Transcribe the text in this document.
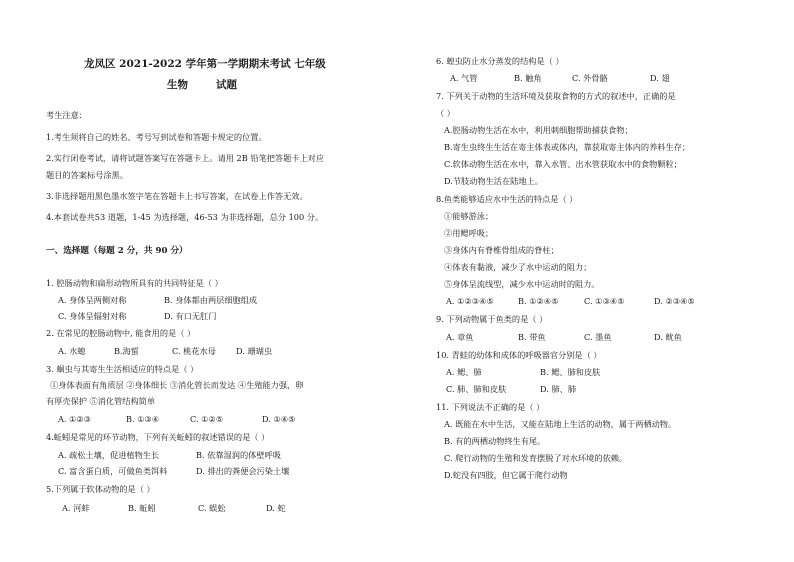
龙凤区 2021-2022 学年第一学期期末考试 七年级
生物	试题
考生注意：
1.考生须将自己的姓名、考号写到试卷和答题卡规定的位置。
2.实行闭卷考试，请将试题答案写在答题卡上。请用 2B 铅笔把答题卡上对应
题目的答案标号涂黑。
3.非选择题用黑色墨水签字笔在答题卡上书写答案，在试卷上作答无效。
4.本套试卷共53 道题，1-45 为选择题，46-53 为非选择题，总分 100 分。
一、选择题（每题 2 分，共 90 分）
1. 腔肠动物和扁形动物所具有的共同特征是（ ）
A. 身体呈两侧对称	B. 身体都由两层细胞组成
C. 身体呈辐射对称	D. 有口无肛门
2. 在常见的腔肠动物中, 能食用的是（ ）
A. 水螅	B.海蜇	C. 桃花水母 D. 珊瑚虫
3. 蛔虫与其寄生生活相适应的特点是（ ）
①身体表面有角质层 ②身体细长 ③消化管长而发达 ④生殖能力强，卵
有厚壳保护 ⑤消化管结构简单
A. ①②③	B. ①③④	C. ①②⑤	D. ①④⑤
4.蚯蚓是常见的环节动物，下列有关蚯蚓的叙述错误的是（ ）
A. 疏松土壤，促进植物生长	B. 依靠湿润的体壁呼吸
C. 富含蛋白质，可做鱼类饵料	D. 排出的粪便会污染土壤
5.下列属于软体动物的是（ ）
A. 河蚌	B. 蚯蚓	C. 蜈蚣	D. 蛇
6. 蝗虫防止水分蒸发的结构是（ ）
A. 气管	B. 触角	C. 外骨骼	D. 翅
7. 下列关于动物的生活环境及获取食物的方式的叙述中，正确的是
（ ）
A.腔肠动物生活在水中，利用刺细胞帮助捕获食物；
B.寄生虫终生生活在寄主体表或体内，靠获取寄主体内的养料生存；
C.软体动物生活在水中，靠入水管、出水管获取水中的食物颗粒；
D.节肢动物生活在陆地上。
8.鱼类能够适应水中生活的特点是（ ）
①能够游泳；
②用鳃呼吸；
③身体内有脊椎骨组成的脊柱；
④体表有黏液，减少了水中运动的阻力；
⑤身体呈流线型，减少水中运动时的阻力。
A. ①②③④⑤	B. ①②④⑤	C. ①③④⑤	D. ②③④⑤
9. 下列动物属于鱼类的是（ ）
A. 章鱼	B. 带鱼	C. 墨鱼	D. 鱿鱼
10. 青蛙的幼体和成体的呼吸器官分别是（ ）
A. 鳃、肺	B. 鳃、肺和皮肤
C. 肺、肺和皮肤	D. 肺、肺
11. 下列说法不正确的是（ ）
A. 既能在水中生活，又能在陆地上生活的动物，属于两栖动物。
B. 有的两栖动物终生有尾。
C. 爬行动物的生殖和发育摆脱了对水环境的依赖。
D.蛇没有四肢，但它属于爬行动物
